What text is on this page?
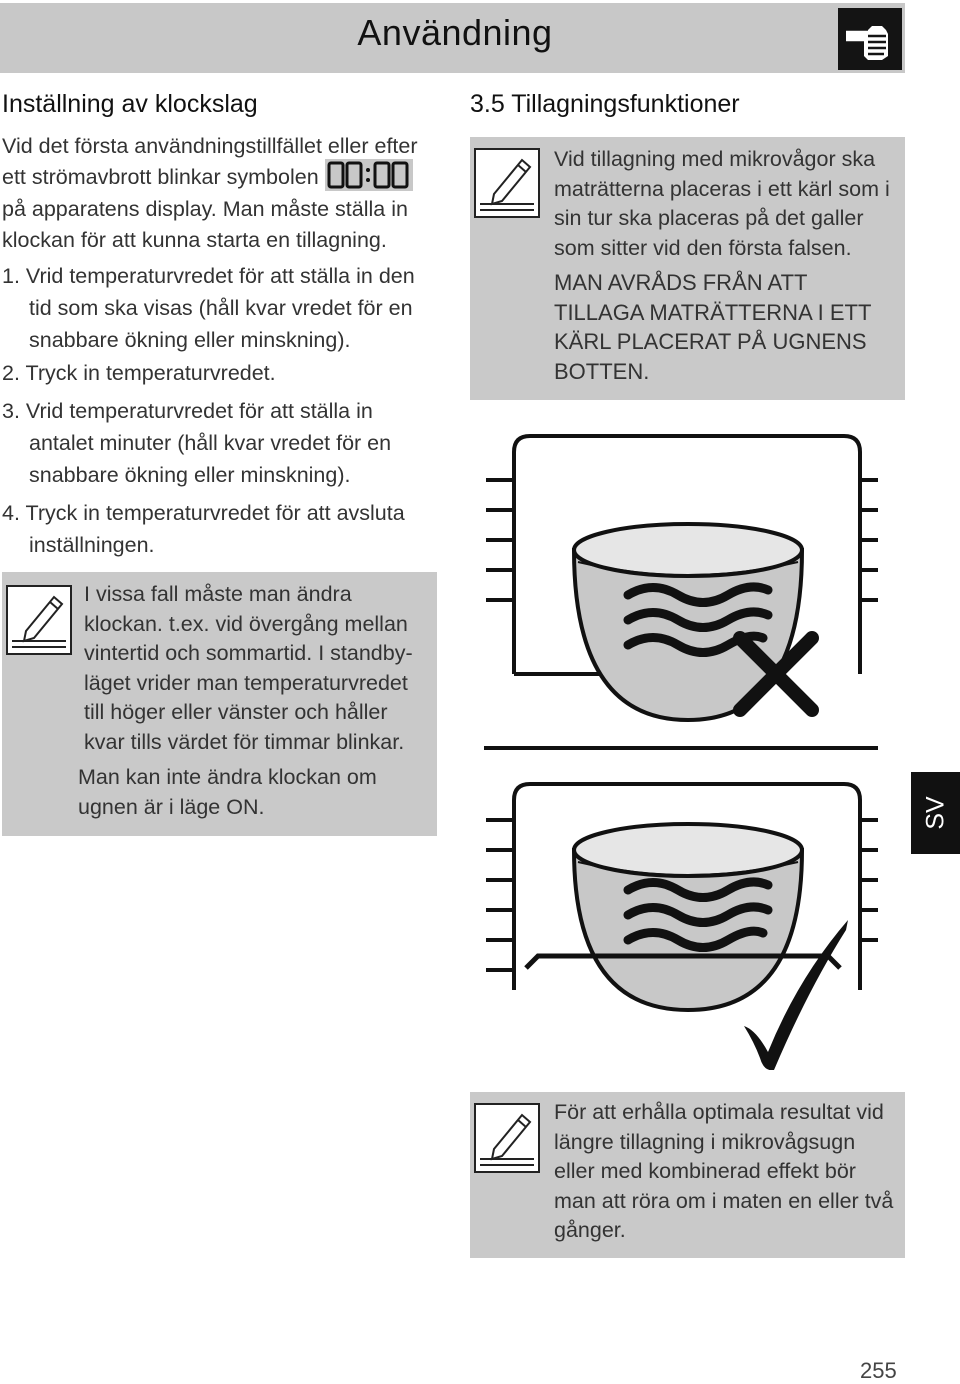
Användning
Inställning av klockslag

Vid det första användningstillfället eller efter ett strömavbrott blinkar symbolen
på apparatens display. Man måste ställa in klockan för att kunna starta en tillagning.

1. Vrid temperaturvredet för att ställa in den
tid som ska visas (håll kvar vredet för en snabbare ökning eller minskning).
2. Tryck in temperaturvredet.
3. Vrid temperaturvredet för att ställa in
antalet minuter (håll kvar vredet för en snabbare ökning eller minskning).
4. Tryck in temperaturvredet för att avsluta
inställningen.

I vissa fall måste man ändra klockan. t.ex. vid övergång mellan vintertid och sommartid. I standby-läget vrider man temperaturvredet till höger eller vänster och håller kvar tills värdet för timmar blinkar.

Man kan inte ändra klockan om ugnen är i läge ON.

3.5 Tillagningsfunktioner

Vid tillagning med mikrovågor ska maträtterna placeras i ett kärl som i sin tur ska placeras på det galler som sitter vid den första falsen.

MAN AVRÅDS FRÅN ATT TILLAGA MATRÄTTERNA I ETT KÄRL PLACERAT PÅ UGNENS BOTTEN.

För att erhålla optimala resultat vid längre tillagning i mikrovågsugn eller med kombinerad effekt bör man att röra om i maten en eller två gånger.

SV
255
